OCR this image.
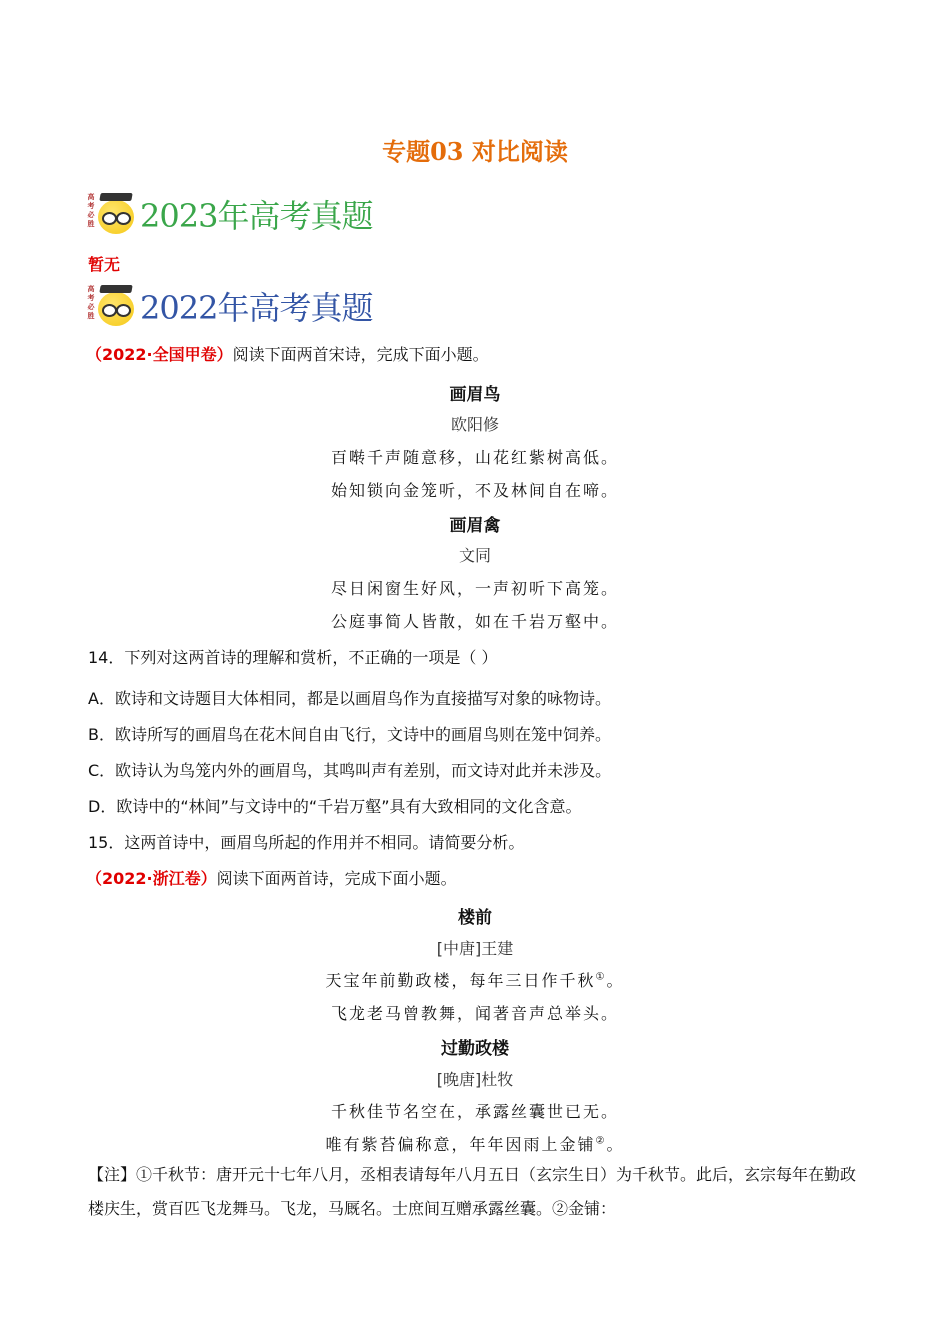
专题03 对比阅读
高考必胜 2023年高考真题
暂无
高考必胜 2022年高考真题
（2022·全国甲卷）阅读下面两首宋诗，完成下面小题。
画眉鸟
欧阳修
百啭千声随意移，山花红紫树高低。
始知锁向金笼听，不及林间自在啼。
画眉禽
文同
尽日闲窗生好风，一声初听下高笼。
公庭事简人皆散，如在千岩万壑中。
14．下列对这两首诗的理解和赏析，不正确的一项是（ ）
A．欧诗和文诗题目大体相同，都是以画眉鸟作为直接描写对象的咏物诗。
B．欧诗所写的画眉鸟在花木间自由飞行，文诗中的画眉鸟则在笼中饲养。
C．欧诗认为鸟笼内外的画眉鸟，其鸣叫声有差别，而文诗对此并未涉及。
D．欧诗中的“林间”与文诗中的“千岩万壑”具有大致相同的文化含意。
15．这两首诗中，画眉鸟所起的作用并不相同。请简要分析。
（2022·浙江卷）阅读下面两首诗，完成下面小题。
楼前
[中唐]王建
天宝年前勤政楼，每年三日作千秋①。
飞龙老马曾教舞，闻著音声总举头。
过勤政楼
[晚唐]杜牧
千秋佳节名空在，承露丝囊世已无。
唯有紫苔偏称意，年年因雨上金铺②。
【注】①千秋节：唐开元十七年八月，丞相表请每年八月五日（玄宗生日）为千秋节。此后，玄宗每年在勤政楼庆生，赏百匹飞龙舞马。飞龙，马厩名。士庶间互赠承露丝囊。②金铺：
